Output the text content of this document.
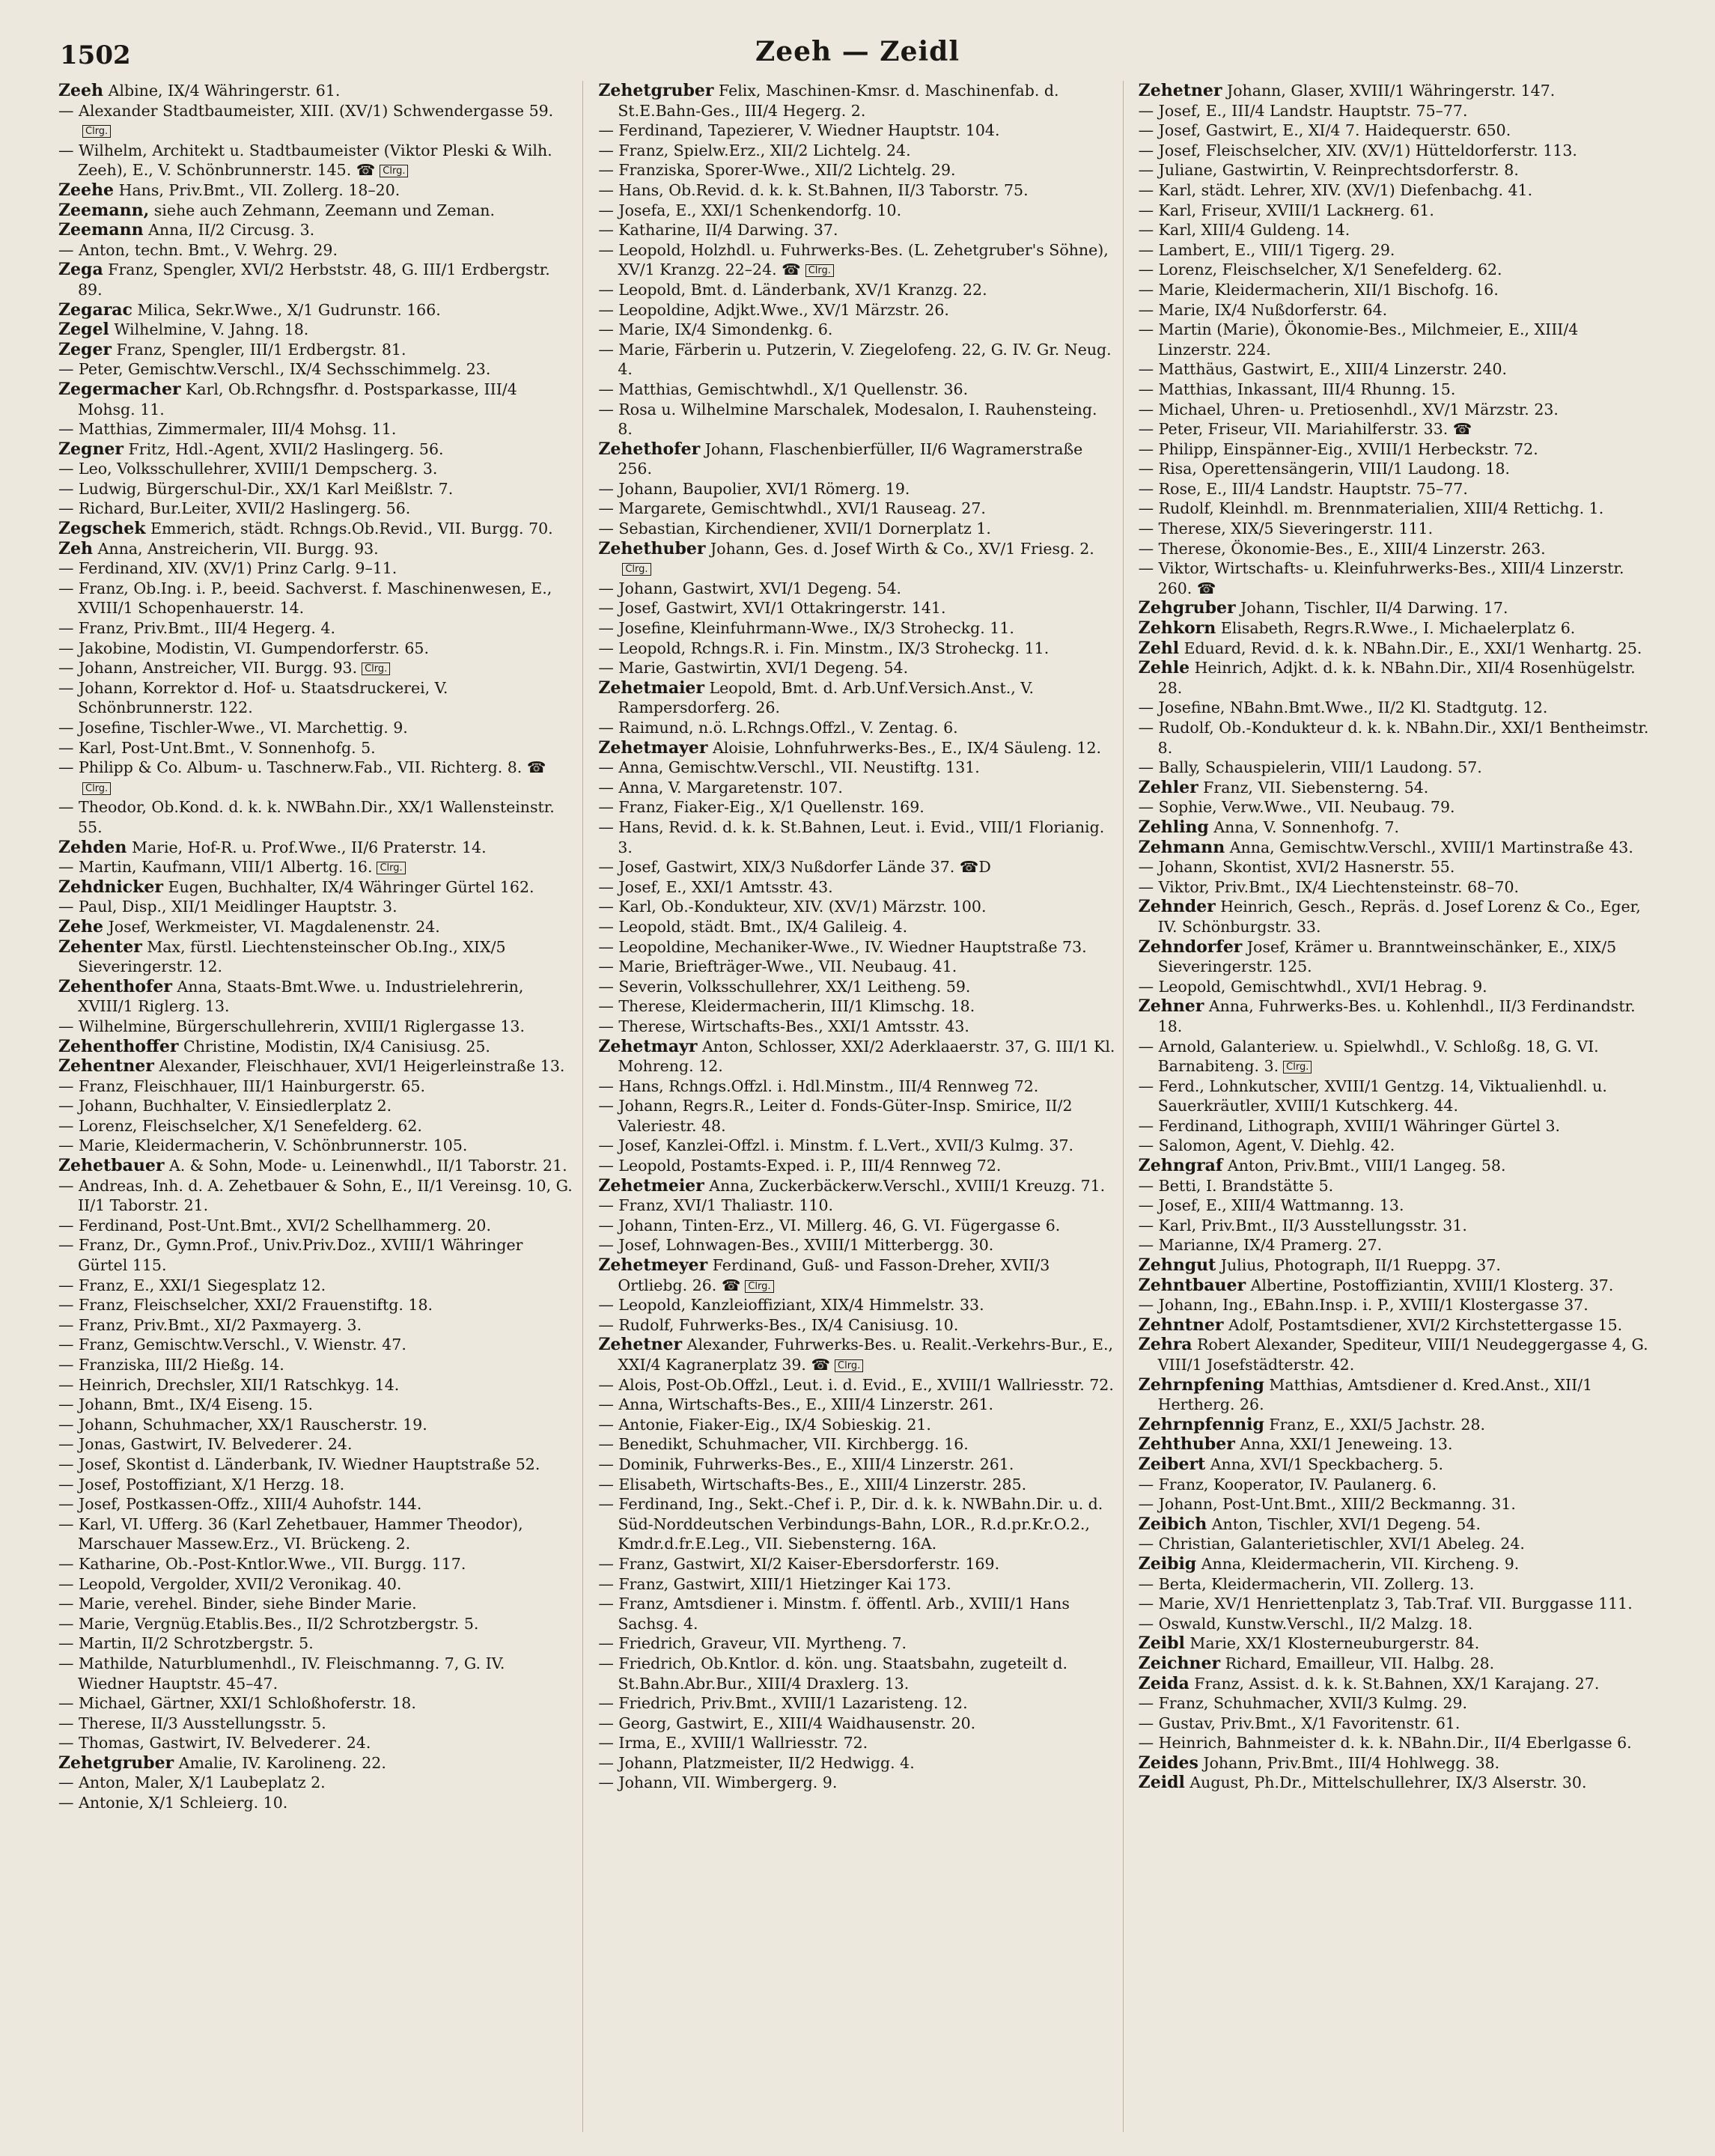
1502	Zeeh — Zeidl
Zeeh Albine, IX/4 Währingerstr. 61.
— Alexander Stadtbaumeister, XIII. (XV/1) Schwendergasse 59.Clrg.
— Wilhelm, Architekt u. Stadtbaumeister (Viktor Pleski & Wilh. Zeeh), E., V. Schönbrunnerstr. 145. ☎ Clrg.
Zeehe Hans, Priv.Bmt., VII. Zollerg. 18–20.
Zeemann, siehe auch Zehmann, Zeemann und Zeman.
Zeemann Anna, II/2 Circusg. 3.
— Anton, techn. Bmt., V. Wehrg. 29.
Zega Franz, Spengler, XVI/2 Herbststr. 48, G. III/1 Erdbergstr. 89.
Zegarac Milica, Sekr.Wwe., X/1 Gudrunstr. 166.
Zegel Wilhelmine, V. Jahng. 18.
Zeger Franz, Spengler, III/1 Erdbergstr. 81.
— Peter, Gemischtw.Verschl., IX/4 Sechsschimmelg. 23.
Zegermacher Karl, Ob.Rchngsfhr. d. Postsparkasse, III/4 Mohsg. 11.
— Matthias, Zimmermaler, III/4 Mohsg. 11.
Zegner Fritz, Hdl.-Agent, XVII/2 Haslingerg. 56.
— Leo, Volksschullehrer, XVIII/1 Dempscherg. 3.
— Ludwig, Bürgerschul-Dir., XX/1 Karl Meißlstr. 7.
— Richard, Bur.Leiter, XVII/2 Haslingerg. 56.
Zegschek Emmerich, städt. Rchngs.Ob.Revid., VII. Burgg. 70.
Zeh Anna, Anstreicherin, VII. Burgg. 93.
— Ferdinand, XIV. (XV/1) Prinz Carlg. 9–11.
— Franz, Ob.Ing. i. P., beeid. Sachverst. f. Maschinenwesen, E., XVIII/1 Schopenhauerstr. 14.
— Franz, Priv.Bmt., III/4 Hegerg. 4.
— Jakobine, Modistin, VI. Gumpendorferstr. 65.
— Johann, Anstreicher, VII. Burgg. 93. Clrg.
— Johann, Korrektor d. Hof- u. Staatsdruckerei, V. Schönbrunnerstr. 122.
— Josefine, Tischler-Wwe., VI. Marchettig. 9.
— Karl, Post-Unt.Bmt., V. Sonnenhofg. 5.
— Philipp & Co. Album- u. Taschnerw.Fab., VII. Richterg. 8. ☎Clrg.
— Theodor, Ob.Kond. d. k. k. NWBahn.Dir., XX/1 Wallensteinstr. 55.
Zehden Marie, Hof-R. u. Prof.Wwe., II/6 Praterstr. 14.
— Martin, Kaufmann, VIII/1 Albertg. 16. Clrg.
Zehdnicker Eugen, Buchhalter, IX/4 Währinger Gürtel 162.
— Paul, Disp., XII/1 Meidlinger Hauptstr. 3.
Zehe Josef, Werkmeister, VI. Magdalenenstr. 24.
Zehenter Max, fürstl. Liechtensteinscher Ob.Ing., XIX/5 Sieveringerstr. 12.
Zehenthofer Anna, Staats-Bmt.Wwe. u. Industrielehrerin, XVIII/1 Riglerg. 13.
— Wilhelmine, Bürgerschullehrerin, XVIII/1 Riglergasse 13.
Zehenthoffer Christine, Modistin, IX/4 Canisiusg. 25.
Zehentner Alexander, Fleischhauer, XVI/1 Heigerleinstraße 13.
— Franz, Fleischhauer, III/1 Hainburgerstr. 65.
— Johann, Buchhalter, V. Einsiedlerplatz 2.
— Lorenz, Fleischselcher, X/1 Senefelderg. 62.
— Marie, Kleidermacherin, V. Schönbrunnerstr. 105.
Zehetbauer A. & Sohn, Mode- u. Leinenwhdl., II/1 Taborstr. 21.
— Andreas, Inh. d. A. Zehetbauer & Sohn, E., II/1 Vereinsg. 10, G. II/1 Taborstr. 21.
— Ferdinand, Post-Unt.Bmt., XVI/2 Schellhammerg. 20.
— Franz, Dr., Gymn.Prof., Univ.Priv.Doz., XVIII/1 Währinger Gürtel 115.
— Franz, E., XXI/1 Siegesplatz 12.
— Franz, Fleischselcher, XXI/2 Frauenstiftg. 18.
— Franz, Priv.Bmt., XI/2 Paxmayerg. 3.
— Franz, Gemischtw.Verschl., V. Wienstr. 47.
— Franziska, III/2 Hießg. 14.
— Heinrich, Drechsler, XII/1 Ratschkyg. 14.
— Johann, Bmt., IX/4 Eiseng. 15.
— Johann, Schuhmacher, XX/1 Rauscherstr. 19.
— Jonas, Gastwirt, IV. Belvederег. 24.
— Josef, Skontist d. Länderbank, IV. Wiedner Hauptstraße 52.
— Josef, Postoffiziant, X/1 Herzg. 18.
— Josef, Postkassen-Offz., XIII/4 Auhofstr. 144.
— Karl, VI. Ufferg. 36 (Karl Zehetbauer, Hammer Theodor), Marschauer Massew.Erz., VI. Brückeng. 2.
— Katharine, Ob.-Post-Kntlor.Wwe., VII. Burgg. 117.
— Leopold, Vergolder, XVII/2 Veronikag. 40.
— Marie, verehel. Binder, siehe Binder Marie.
— Marie, Vergnüg.Etablis.Bes., II/2 Schrotzbergstr. 5.
— Martin, II/2 Schrotzbergstr. 5.
— Mathilde, Naturblumenhdl., IV. Fleischmanng. 7, G. IV. Wiedner Hauptstr. 45–47.
— Michael, Gärtner, XXI/1 Schloßhoferstr. 18.
— Therese, II/3 Ausstellungsstr. 5.
— Thomas, Gastwirt, IV. Belvederег. 24.
Zehetgruber Amalie, IV. Karolineng. 22.
— Anton, Maler, X/1 Laubeplatz 2.
— Antonie, X/1 Schleierg. 10.
Zehetgruber Felix, Maschinen-Kmsr. d. Maschinenfab. d. St.E.Bahn-Ges., III/4 Hegerg. 2.
— Ferdinand, Tapezierer, V. Wiedner Hauptstr. 104.
— Franz, Spielw.Erz., XII/2 Lichtelg. 24.
— Franziska, Sporer-Wwe., XII/2 Lichtelg. 29.
— Hans, Ob.Revid. d. k. k. St.Bahnen, II/3 Taborstr. 75.
— Josefa, E., XXI/1 Schenkendorfg. 10.
— Katharine, II/4 Darwing. 37.
— Leopold, Holzhdl. u. Fuhrwerks-Bes. (L. Zehetgruber's Söhne), XV/1 Kranzg. 22–24. ☎ Clrg.
— Leopold, Bmt. d. Länderbank, XV/1 Kranzg. 22.
— Leopoldine, Adjkt.Wwe., XV/1 Märzstr. 26.
— Marie, IX/4 Simondenkg. 6.
— Marie, Färberin u. Putzerin, V. Ziegelofeng. 22, G. IV. Gr. Neug. 4.
— Matthias, Gemischtwhdl., X/1 Quellenstr. 36.
— Rosa u. Wilhelmine Marschalek, Modesalon, I. Rauhensteing. 8.
Zehethofer Johann, Flaschenbierfüller, II/6 Wagramerstraße 256.
— Johann, Baupolier, XVI/1 Römerg. 19.
— Margarete, Gemischtwhdl., XVI/1 Rauseag. 27.
— Sebastian, Kirchendiener, XVII/1 Dornerplatz 1.
Zehethuber Johann, Ges. d. Josef Wirth & Co., XV/1 Friesg. 2.Clrg.
— Johann, Gastwirt, XVI/1 Degeng. 54.
— Josef, Gastwirt, XVI/1 Ottakringerstr. 141.
— Josefine, Kleinfuhrmann-Wwe., IX/3 Stroheckg. 11.
— Leopold, Rchngs.R. i. Fin. Minstm., IX/3 Stroheckg. 11.
— Marie, Gastwirtin, XVI/1 Degeng. 54.
Zehetmaier Leopold, Bmt. d. Arb.Unf.Versich.Anst., V. Rampersdorferg. 26.
— Raimund, n.ö. L.Rchngs.Offzl., V. Zentag. 6.
Zehetmayer Aloisie, Lohnfuhrwerks-Bes., E., IX/4 Säuleng. 12.
— Anna, Gemischtw.Verschl., VII. Neustiftg. 131.
— Anna, V. Margaretenstr. 107.
— Franz, Fiaker-Eig., X/1 Quellenstr. 169.
— Hans, Revid. d. k. k. St.Bahnen, Leut. i. Evid., VIII/1 Florianig. 3.
— Josef, Gastwirt, XIX/3 Nußdorfer Lände 37. ☎D
— Josef, E., XXI/1 Amtsstr. 43.
— Karl, Ob.-Kondukteur, XIV. (XV/1) Märzstr. 100.
— Leopold, städt. Bmt., IX/4 Galileig. 4.
— Leopoldine, Mechaniker-Wwe., IV. Wiedner Hauptstraße 73.
— Marie, Briefträger-Wwe., VII. Neubaug. 41.
— Severin, Volksschullehrer, XX/1 Leitheng. 59.
— Therese, Kleidermacherin, III/1 Klimschg. 18.
— Therese, Wirtschafts-Bes., XXI/1 Amtsstr. 43.
Zehetmayr Anton, Schlosser, XXI/2 Aderklaaerstr. 37, G. III/1 Kl. Mohreng. 12.
— Hans, Rchngs.Offzl. i. Hdl.Minstm., III/4 Rennweg 72.
— Johann, Regrs.R., Leiter d. Fonds-Güter-Insp. Smirice, II/2 Valeriestr. 48.
— Josef, Kanzlei-Offzl. i. Minstm. f. L.Vert., XVII/3 Kulmg. 37.
— Leopold, Postamts-Exped. i. P., III/4 Rennweg 72.
Zehetmeier Anna, Zuckerbäckerw.Verschl., XVIII/1 Kreuzg. 71.
— Franz, XVI/1 Thaliastr. 110.
— Johann, Tinten-Erz., VI. Millerg. 46, G. VI. Fügergasse 6.
— Josef, Lohnwagen-Bes., XVIII/1 Mitterbergg. 30.
Zehetmeyer Ferdinand, Guß- und Fasson-Dreher, XVII/3 Ortliebg. 26. ☎ Clrg.
— Leopold, Kanzleioffiziant, XIX/4 Himmelstr. 33.
— Rudolf, Fuhrwerks-Bes., IX/4 Canisiusg. 10.
Zehetner Alexander, Fuhrwerks-Bes. u. Realit.-Verkehrs-Bur., E., XXI/4 Kagranerplatz 39. ☎ Clrg.
— Alois, Post-Ob.Offzl., Leut. i. d. Evid., E., XVIII/1 Wallriesstr. 72.
— Anna, Wirtschafts-Bes., E., XIII/4 Linzerstr. 261.
— Antonie, Fiaker-Eig., IX/4 Sobieskig. 21.
— Benedikt, Schuhmacher, VII. Kirchbergg. 16.
— Dominik, Fuhrwerks-Bes., E., XIII/4 Linzerstr. 261.
— Elisabeth, Wirtschafts-Bes., E., XIII/4 Linzerstr. 285.
— Ferdinand, Ing., Sekt.-Chef i. P., Dir. d. k. k. NWBahn.Dir. u. d. Süd-Norddeutschen Verbindungs-Bahn, LOR., R.d.pr.Kr.O.2., Kmdr.d.fr.E.Leg., VII. Siebensterng. 16A.
— Franz, Gastwirt, XI/2 Kaiser-Ebersdorferstr. 169.
— Franz, Gastwirt, XIII/1 Hietzinger Kai 173.
— Franz, Amtsdiener i. Minstm. f. öffentl. Arb., XVIII/1 Hans Sachsg. 4.
— Friedrich, Graveur, VII. Myrtheng. 7.
— Friedrich, Ob.Kntlor. d. kön. ung. Staatsbahn, zugeteilt d. St.Bahn.Abr.Bur., XIII/4 Draxlerg. 13.
— Friedrich, Priv.Bmt., XVIII/1 Lazaristeng. 12.
— Georg, Gastwirt, E., XIII/4 Waidhausenstr. 20.
— Irma, E., XVIII/1 Wallriesstr. 72.
— Johann, Platzmeister, II/2 Hedwigg. 4.
— Johann, VII. Wimbergerg. 9.
Zehetner Johann, Glaser, XVIII/1 Währingerstr. 147.
— Josef, E., III/4 Landstr. Hauptstr. 75–77.
— Josef, Gastwirt, E., XI/4 7. Haidequerstr. 650.
— Josef, Fleischselcher, XIV. (XV/1) Hütteldorferstr. 113.
— Juliane, Gastwirtin, V. Reinprechtsdorferstr. 8.
— Karl, städt. Lehrer, XIV. (XV/1) Diefenbachg. 41.
— Karl, Friseur, XVIII/1 Lackнerg. 61.
— Karl, XIII/4 Guldeng. 14.
— Lambert, E., VIII/1 Tigerg. 29.
— Lorenz, Fleischselcher, X/1 Senefelderg. 62.
— Marie, Kleidermacherin, XII/1 Bischofg. 16.
— Marie, IX/4 Nußdorferstr. 64.
— Martin (Marie), Ökonomie-Bes., Milchmeier, E., XIII/4 Linzerstr. 224.
— Matthäus, Gastwirt, E., XIII/4 Linzerstr. 240.
— Matthias, Inkassant, III/4 Rhunng. 15.
— Michael, Uhren- u. Pretiosenhdl., XV/1 Märzstr. 23.
— Peter, Friseur, VII. Mariahilferstr. 33. ☎
— Philipp, Einspänner-Eig., XVIII/1 Herbeckstr. 72.
— Risa, Operettensängerin, VIII/1 Laudong. 18.
— Rose, E., III/4 Landstr. Hauptstr. 75–77.
— Rudolf, Kleinhdl. m. Brennmaterialien, XIII/4 Rettichg. 1.
— Therese, XIX/5 Sieveringerstr. 111.
— Therese, Ökonomie-Bes., E., XIII/4 Linzerstr. 263.
— Viktor, Wirtschafts- u. Kleinfuhrwerks-Bes., XIII/4 Linzerstr. 260. ☎
Zehgruber Johann, Tischler, II/4 Darwing. 17.
Zehkorn Elisabeth, Regrs.R.Wwe., I. Michaelerplatz 6.
Zehl Eduard, Revid. d. k. k. NBahn.Dir., E., XXI/1 Wenhartg. 25.
Zehle Heinrich, Adjkt. d. k. k. NBahn.Dir., XII/4 Rosenhügelstr. 28.
— Josefine, NBahn.Bmt.Wwe., II/2 Kl. Stadtgutg. 12.
— Rudolf, Ob.-Kondukteur d. k. k. NBahn.Dir., XXI/1 Bentheimstr. 8.
— Bally, Schauspielerin, VIII/1 Laudong. 57.
Zehler Franz, VII. Siebensterng. 54.
— Sophie, Verw.Wwe., VII. Neubaug. 79.
Zehling Anna, V. Sonnenhofg. 7.
Zehmann Anna, Gemischtw.Verschl., XVIII/1 Martinstraße 43.
— Johann, Skontist, XVI/2 Hasnerstr. 55.
— Viktor, Priv.Bmt., IX/4 Liechtensteinstr. 68–70.
Zehnder Heinrich, Gesch., Repräs. d. Josef Lorenz & Co., Eger, IV. Schönburgstr. 33.
Zehndorfer Josef, Krämer u. Branntweinschänker, E., XIX/5 Sieveringerstr. 125.
— Leopold, Gemischtwhdl., XVI/1 Hebrag. 9.
Zehner Anna, Fuhrwerks-Bes. u. Kohlenhdl., II/3 Ferdinandstr. 18.
— Arnold, Galanteriew. u. Spielwhdl., V. Schloßg. 18, G. VI. Barnabiteng. 3. Clrg.
— Ferd., Lohnkutscher, XVIII/1 Gentzg. 14, Viktualienhdl. u. Sauerkräutler, XVIII/1 Kutschkerg. 44.
— Ferdinand, Lithograph, XVIII/1 Währinger Gürtel 3.
— Salomon, Agent, V. Diehlg. 42.
Zehngraf Anton, Priv.Bmt., VIII/1 Langeg. 58.
— Betti, I. Brandstätte 5.
— Josef, E., XIII/4 Wattmanng. 13.
— Karl, Priv.Bmt., II/3 Ausstellungsstr. 31.
— Marianne, IX/4 Pramerg. 27.
Zehngut Julius, Photograph, II/1 Rueppg. 37.
Zehntbauer Albertine, Postoffiziantin, XVIII/1 Klosterg. 37.
— Johann, Ing., EBahn.Insp. i. P., XVIII/1 Klostergasse 37.
Zehntner Adolf, Postamtsdiener, XVI/2 Kirchstettergasse 15.
Zehra Robert Alexander, Spediteur, VIII/1 Neudeggergasse 4, G. VIII/1 Josefstädterstr. 42.
Zehrnpfening Matthias, Amtsdiener d. Kred.Anst., XII/1 Hertherg. 26.
Zehrnpfennig Franz, E., XXI/5 Jachstr. 28.
Zehthuber Anna, XXI/1 Jeneweing. 13.
Zeibert Anna, XVI/1 Speckbacherg. 5.
— Franz, Kooperator, IV. Paulanerg. 6.
— Johann, Post-Unt.Bmt., XIII/2 Beckmanng. 31.
Zeibich Anton, Tischler, XVI/1 Degeng. 54.
— Christian, Galanterietischler, XVI/1 Abeleg. 24.
Zeibig Anna, Kleidermacherin, VII. Kircheng. 9.
— Berta, Kleidermacherin, VII. Zollerg. 13.
— Marie, XV/1 Henriettenplatz 3, Tab.Traf. VII. Burggasse 111.
— Oswald, Kunstw.Verschl., II/2 Malzg. 18.
Zeibl Marie, XX/1 Klosterneuburgerstr. 84.
Zeichner Richard, Emailleur, VII. Halbg. 28.
Zeida Franz, Assist. d. k. k. St.Bahnen, XX/1 Karajang. 27.
— Franz, Schuhmacher, XVII/3 Kulmg. 29.
— Gustav, Priv.Bmt., X/1 Favoritenstr. 61.
— Heinrich, Bahnmeister d. k. k. NBahn.Dir., II/4 Eberlgasse 6.
Zeides Johann, Priv.Bmt., III/4 Hohlwegg. 38.
Zeidl August, Ph.Dr., Mittelschullehrer, IX/3 Alserstr. 30.
